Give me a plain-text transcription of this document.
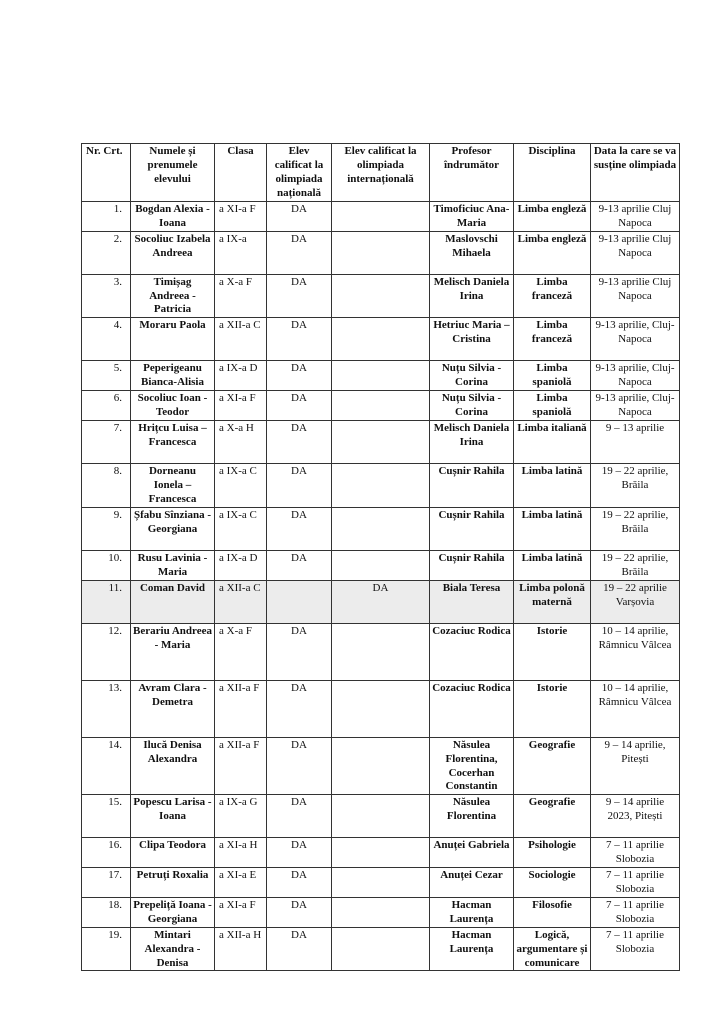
Nr. Crt.	Numele și prenumele elevului	Clasa	Elev calificat la olimpiada națională	Elev calificat la olimpiada internațională	Profesor îndrumător	Disciplina	Data la care se va susține olimpiada
1.	Bogdan Alexia - Ioana	a XI-a F	DA		Timoficiuc Ana-Maria	Limba engleză	9-13 aprilie Cluj Napoca
2.	Socoliuc Izabela Andreea	a IX-a	DA		Maslovschi Mihaela	Limba engleză	9-13 aprilie Cluj Napoca
3.	Timișag Andreea - Patricia	a X-a F	DA		Melisch Daniela Irina	Limba franceză	9-13 aprilie Cluj Napoca
4.	Moraru Paola	a XII-a C	DA		Hetriuc Maria – Cristina	Limba franceză	9-13 aprilie, Cluj-Napoca
5.	Peperigeanu Bianca-Alisia	a IX-a D	DA		Nuțu Silvia - Corina	Limba spaniolă	9-13 aprilie, Cluj-Napoca
6.	Socoliuc Ioan - Teodor	a XI-a F	DA		Nuțu Silvia - Corina	Limba spaniolă	9-13 aprilie, Cluj-Napoca
7.	Hrițcu Luisa – Francesca	a X-a H	DA		Melisch Daniela Irina	Limba italiană	9 – 13 aprilie
8.	Dorneanu Ionela – Francesca	a IX-a C	DA		Cușnir Rahila	Limba latină	19 – 22 aprilie, Brăila
9.	Șfabu Sînziana - Georgiana	a IX-a C	DA		Cușnir Rahila	Limba latină	19 – 22 aprilie, Brăila
10.	Rusu Lavinia - Maria	a IX-a D	DA		Cușnir Rahila	Limba latină	19 – 22 aprilie, Brăila
11.	Coman David	a XII-a C		DA	Biala Teresa	Limba polonă maternă	19 – 22 aprilie Varșovia
12.	Berariu Andreea - Maria	a X-a F	DA		Cozaciuc Rodica	Istorie	10 – 14 aprilie, Râmnicu Vâlcea
13.	Avram Clara - Demetra	a XII-a F	DA		Cozaciuc Rodica	Istorie	10 – 14 aprilie, Râmnicu Vâlcea
14.	Ilucă Denisa Alexandra	a XII-a F	DA		Năsulea Florentina, Cocerhan Constantin	Geografie	9 – 14 aprilie, Pitești
15.	Popescu Larisa - Ioana	a IX-a G	DA		Năsulea Florentina	Geografie	9 – 14 aprilie 2023, Pitești
16.	Clipa Teodora	a XI-a H	DA		Anuței Gabriela	Psihologie	7 – 11 aprilie Slobozia
17.	Petruți Roxalia	a XI-a E	DA		Anuței Cezar	Sociologie	7 – 11 aprilie Slobozia
18.	Prepeliță Ioana - Georgiana	a XI-a F	DA		Hacman Laurența	Filosofie	7 – 11 aprilie Slobozia
19.	Mintari Alexandra - Denisa	a XII-a H	DA		Hacman Laurența	Logică, argumentare și comunicare	7 – 11 aprilie Slobozia
